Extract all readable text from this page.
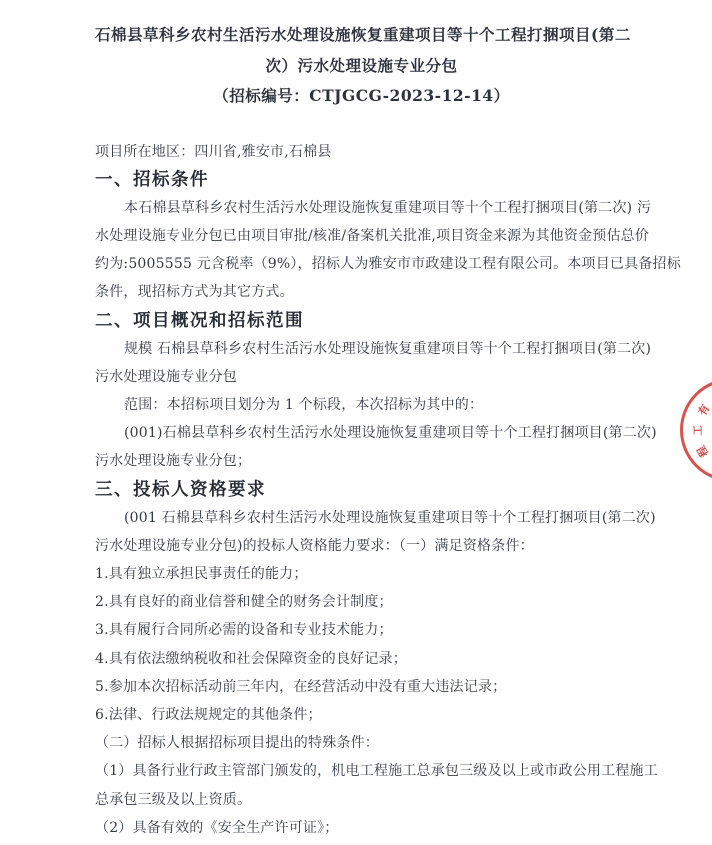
石棉县草科乡农村生活污水处理设施恢复重建项目等十个工程打捆项目(第二
次）污水处理设施专业分包
（招标编号：CTJGCG-2023-12-14）
项目所在地区：四川省,雅安市,石棉县
一、招标条件
本石棉县草科乡农村生活污水处理设施恢复重建项目等十个工程打捆项目(第二次) 污
水处理设施专业分包已由项目审批/核准/备案机关批准,项目资金来源为其他资金预估总价
约为:5005555 元含税率（9%），招标人为雅安市市政建设工程有限公司。本项目已具备招标
条件，现招标方式为其它方式。
二、项目概况和招标范围
规模 石棉县草科乡农村生活污水处理设施恢复重建项目等十个工程打捆项目(第二次)
污水处理设施专业分包
范围：本招标项目划分为 1 个标段，本次招标为其中的：
(001)石棉县草科乡农村生活污水处理设施恢复重建项目等十个工程打捆项目(第二次)
污水处理设施专业分包；
三、投标人资格要求
(001 石棉县草科乡农村生活污水处理设施恢复重建项目等十个工程打捆项目(第二次)
污水处理设施专业分包)的投标人资格能力要求：（一）满足资格条件：
1.具有独立承担民事责任的能力；
2.具有良好的商业信誉和健全的财务会计制度；
3.具有履行合同所必需的设备和专业技术能力；
4.具有依法缴纳税收和社会保障资金的良好记录；
5.参加本次招标活动前三年内，在经营活动中没有重大违法记录；
6.法律、行政法规规定的其他条件；
（二）招标人根据招标项目提出的特殊条件：
（1）具备行业行政主管部门颁发的，机电工程施工总承包三级及以上或市政公用工程施工
总承包三级及以上资质。
（2）具备有效的《安全生产许可证》；
有
工
程
